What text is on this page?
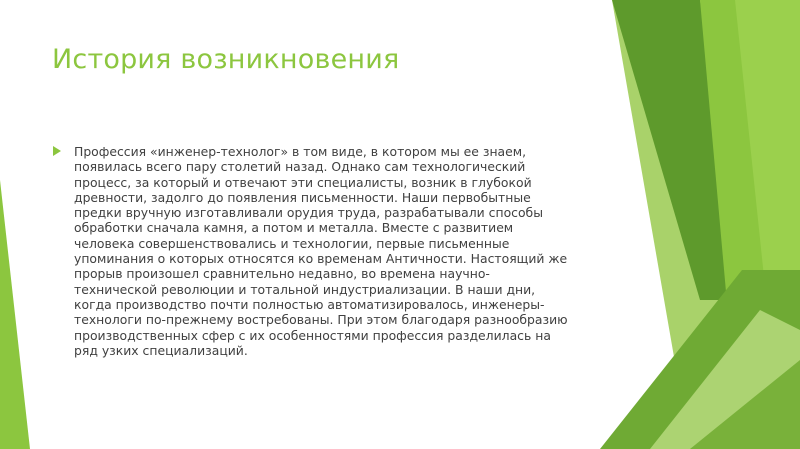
История возникновения

Профессия «инженер-технолог» в том виде, в котором мы ее знаем,
появилась всего пару столетий назад. Однако сам технологический
процесс, за который и отвечают эти специалисты, возник в глубокой
древности, задолго до появления письменности. Наши первобытные
предки вручную изготавливали орудия труда, разрабатывали способы
обработки сначала камня, а потом и металла. Вместе с развитием
человека совершенствовались и технологии, первые письменные
упоминания о которых относятся ко временам Античности. Настоящий же
прорыв произошел сравнительно недавно, во времена научно-
технической революции и тотальной индустриализации. В наши дни,
когда производство почти полностью автоматизировалось, инженеры-
технологи по-прежнему востребованы. При этом благодаря разнообразию
производственных сфер с их особенностями профессия разделилась на
ряд узких специализаций.
